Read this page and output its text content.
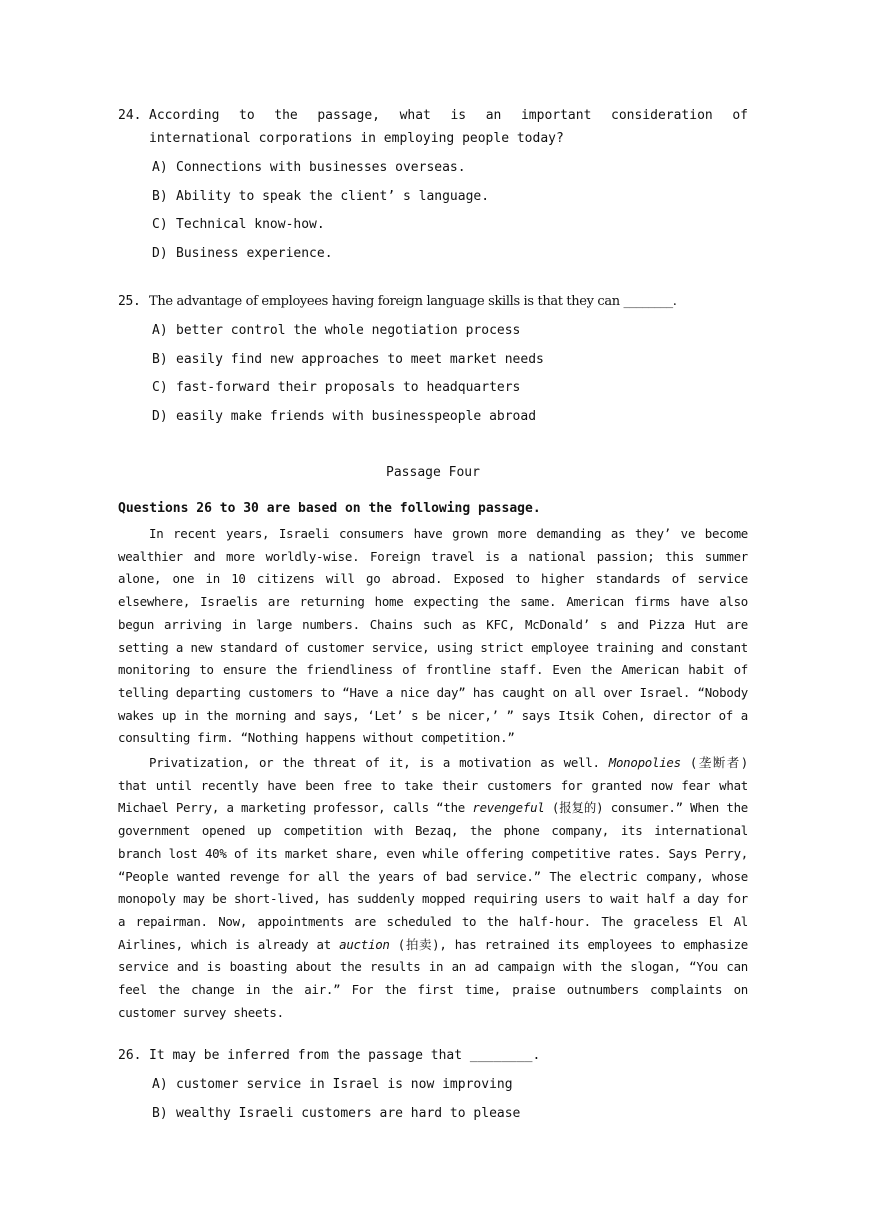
24. According to the passage, what is an important consideration of international corporations in employing people today?
A) Connections with businesses overseas.
B) Ability to speak the client’ s language.
C) Technical know-how.
D) Business experience.
25. The advantage of employees having foreign language skills is that they can ________.
A) better control the whole negotiation process
B) easily find new approaches to meet market needs
C) fast-forward their proposals to headquarters
D) easily make friends with businesspeople abroad
Passage Four
Questions 26 to 30 are based on the following passage.

In recent years, Israeli consumers have grown more demanding as they’ ve become wealthier and more worldly-wise. Foreign travel is a national passion; this summer alone, one in 10 citizens will go abroad. Exposed to higher standards of service elsewhere, Israelis are returning home expecting the same. American firms have also begun arriving in large numbers. Chains such as KFC, McDonald’ s and Pizza Hut are setting a new standard of customer service, using strict employee training and constant monitoring to ensure the friendliness of frontline staff. Even the American habit of telling departing customers to “Have a nice day” has caught on all over Israel. “Nobody wakes up in the morning and says, ‘Let’ s be nicer,’ ” says Itsik Cohen, director of a consulting firm. “Nothing happens without competition.”

Privatization, or the threat of it, is a motivation as well. Monopolies (垄断者) that until recently have been free to take their customers for granted now fear what Michael Perry, a marketing professor, calls “the revengeful (报复的) consumer.” When the government opened up competition with Bezaq, the phone company, its international branch lost 40% of its market share, even while offering competitive rates. Says Perry, “People wanted revenge for all the years of bad service.” The electric company, whose monopoly may be short-lived, has suddenly mopped requiring users to wait half a day for a repairman. Now, appointments are scheduled to the half-hour. The graceless El Al Airlines, which is already at auction (拍卖), has retrained its employees to emphasize service and is boasting about the results in an ad campaign with the slogan, “You can feel the change in the air.” For the first time, praise outnumbers complaints on customer survey sheets.

26. It may be inferred from the passage that ________.
A) customer service in Israel is now improving
B) wealthy Israeli customers are hard to please
